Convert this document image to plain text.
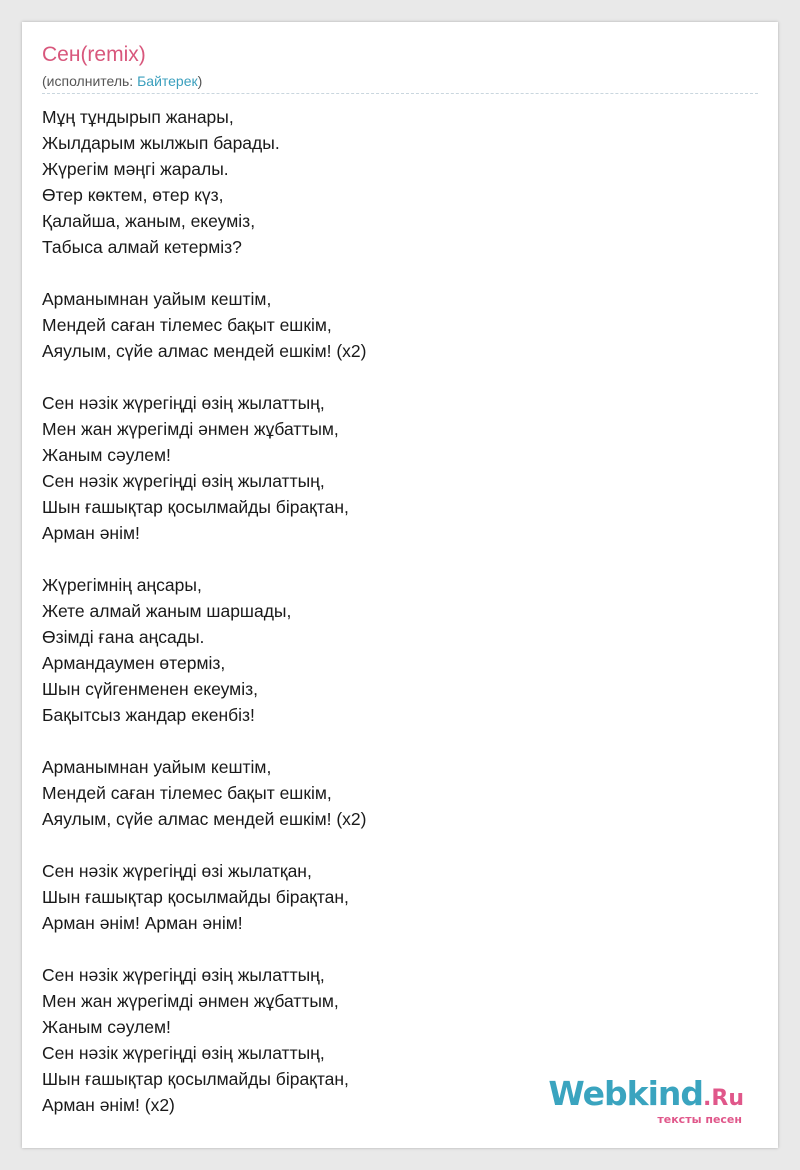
Сен(remix)
(исполнитель: Байтерек)
Мұң тұндырып жанары,
Жылдарым жылжып барады.
Жүрегім мәңгі жаралы.
Өтер көктем, өтер күз,
Қалайша, жаным, екеуміз,
Табыса алмай кетерміз?
Арманымнан уайым кештім,
Мендей саған тілемес бақыт ешкім,
Аяулым, сүйе алмас мендей ешкім! (x2)
Сен нәзік жүрегіңді өзің жылаттың,
Мен жан жүрегімді әнмен жұбаттым,
Жаным сәулем!
Сен нәзік жүрегіңді өзің жылаттың,
Шын ғашықтар қосылмайды бірақтан,
Арман әнім!
Жүрегімнің аңсары,
Жете алмай жаным шаршады,
Өзімді ғана аңсады.
Армандаумен өтерміз,
Шын сүйгенменен екеуміз,
Бақытсыз жандар екенбіз!
Арманымнан уайым кештім,
Мендей саған тілемес бақыт ешкім,
Аяулым, сүйе алмас мендей ешкім! (x2)
Сен нәзік жүрегіңді өзі жылатқан,
Шын ғашықтар қосылмайды бірақтан,
Арман әнім! Арман әнім!
Сен нәзік жүрегіңді өзің жылаттың,
Мен жан жүрегімді әнмен жұбаттым,
Жаным сәулем!
Сен нәзік жүрегіңді өзің жылаттың,
Шын ғашықтар қосылмайды бірақтан,
Арман әнім! (x2)	Webkind.Ru
тексты песен
